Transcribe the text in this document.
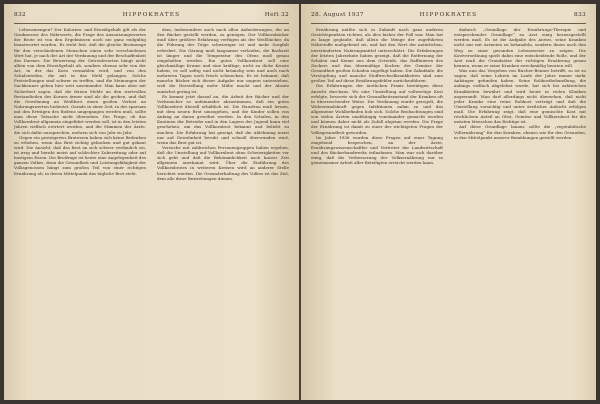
832	HIPPOKRATES	Heft 32

Lebensmengen? Der Kalorien- und Eiweißgehalt gilt als der Gradmesser des Nährwerts, die Frage des Ausnutzungswertes der Brote ist von den Ergebnissen noch nie ganz endgültig beantwortet worden. Es steht fest, daß die gleiche Brotmenge für den verschiedenen Menschen einen sehr verschiedenen Wert hat, je nach der Art der Verdauung und der Beschaffenheit des Darmes. Die Bewertung der Getreidesorten hängt nicht allein von dem Eiweißgehalt ab, sondern ebenso sehr von der Art, in der das Korn vermahlen wird, und von den Schalenteilen, die mit in das Mehl gelangen. Solche Feststellungen sind schwer zu treffen, und die Meinungen der Sachkenner gehen hier weit auseinander. Man kann aber mit Sicherheit sagen, daß die feinen Mehle an den wertvollen Bestandteilen des Kornes ärmer sind als die groben, und daß die Gewöhnung an Weißbrot einen großen Verlust an Nahrungswerten bedeutet. Gerade in einer Zeit, in der sparsam mit den Erträgen des Bodens umgegangen werden muß, sollte man diese Tatsache nicht übersehen. Die Frage, ob das Vollkornbrot allgemein eingeführt werden soll, ist in den letzten Jahren vielfach erörtert worden, und die Stimmen der Ärzte, die sich dafür aussprechen, mehren sich von Jahr zu Jahr.

Gegen ein gesteigertes Brotessen haben sich keine Bedenken zu erheben, wenn das Brot richtig gebacken und gut gekaut wird. Die Ansicht, daß das Brot an sich schwer verdaulich sei, ist irrig und beruht meist auf schlechter Zubereitung oder auf hastigem Essen. Die Brotfrage ist heute eine Angelegenheit des ganzen Volkes, denn die Gesundheit und Leistungsfähigkeit der Volksgenossen hängt zum großen Teil von einer richtigen Ernährung ab, in deren Mittelpunkt das tägliche Brot steht.

dem, insbesondere auch nach allen Anforderungen, die an den Bäcker gestellt werden, zu genügen. Der Vollkornbäcker muß über größere Erfahrung verfügen als der Weißbäcker, da die Führung der Teige schwieriger ist und mehr Sorgfalt erfordert. Die Gärung muß langsamer verlaufen, die Backzeit ist länger und die Temperatur des Ofens muß genau eingehalten werden. Ein gutes Vollkornbrot soll eine gleichmäßige Krume und eine kräftige, nicht zu dicke Kruste haben; es soll saftig und nicht krümelig sein und auch nach mehreren Tagen noch frisch schmecken. Es ist bekannt, daß manche Bäcker sich dieser Aufgabe nur ungern unterziehen, weil die Herstellung mehr Mühe macht und der Absatz zunächst gering ist.

Es kommt jetzt darauf an, die Arbeit der Bäcker und der Verbraucher so aufeinander abzustimmen, daß ein gutes Vollkornbrot überall erhältlich ist. Die Hausfrau muß lernen, mit dem neuen Brot umzugehen, und die Kinder sollen von Anfang an daran gewöhnt werden. In den Schulen, in den Kantinen der Betriebe und in den Lagern der Jugend kann viel geschehen, um das Vollkornbrot bekannt und beliebt zu machen. Die Erfahrung hat gezeigt, daß die Ablehnung meist nur auf Gewohnheit beruht und schnell überwunden wird, wenn das Brot gut ist.

Versuche mit zahlreichen Personengruppen haben ergeben, daß die Umstellung auf Vollkornbrot ohne Schwierigkeiten vor sich geht und daß die Bekömmlichkeit nach kurzer Zeit allgemein anerkannt wird. Über die Einführung des Vollkornbrotes in weiteren Kreisen wird an anderer Stelle berichtet werden. Die Gesunderhaltung des Volkes ist das Ziel, dem alle diese Bestrebungen dienen.

28. August 1937	HIPPOKRATES	833

Ernährung müßte sich in Zukunft nach ganz anderen Gesichtspunkten richten, als dies bisher der Fall war. Man hat zu lange geglaubt, daß allein die Menge der zugeführten Nährstoffe maßgebend sei, und hat den Wert der natürlichen, unveränderten Nahrungsmittel unterschätzt. Die Erfahrungen der letzten Jahrzehnte haben gezeigt, daß die Entfernung der Schalen und Keime aus dem Getreide, das Raffinieren des Zuckers und das übermäßige Kochen der Gemüse der Gesundheit großen Schaden zugefügt haben. Die Zahnfäule, die Verstopfung und manche Stoffwechselkrankheiten sind zum großen Teil auf diese Ernährungsfehler zurückzuführen.

Die Erfahrungen der ärztlichen Praxis bestätigen diese Ansicht durchaus. Wo eine Umstellung auf vollwertige Kost erfolgte, besserte sich der Gesundheitszustand der Kranken oft in überraschender Weise. Die Verdauung wurde geregelt, die Widerstandskraft gegen Infektionen nahm zu und das allgemeine Wohlbefinden hob sich. Solche Beobachtungen sind von vielen Ärzten unabhängig voneinander gemacht worden und können daher nicht als Zufall abgetan werden. Die Frage der Ernährung ist damit zu einer der wichtigsten Fragen der Volksgesundheit geworden.

Im Jahre 1936 wurden diese Fragen auf einer Tagung eingehend besprochen, an der Ärzte, Ernährungswissenschaftler und Vertreter der Landwirtschaft und des Bäckerhandwerks teilnahmen. Man war sich darüber einig, daß die Verbesserung der Volksernährung nur in gemeinsamer Arbeit aller Beteiligten erreicht werden kann.

dadurch „Grundlage der Ernährungs-Therapie und entsprechender Grundlage“ zu Arzt einig herausgestellt werden muß. Es ist die Aufgabe des Arztes, seine Kranken nicht nur mit Arzneien zu behandeln, sondern ihnen auch den Weg zu einer gesunden Lebensweise zu zeigen. Die Kostverordnung spielt dabei eine entscheidende Rolle, und der Arzt muß die Grundsätze der richtigen Ernährung genau kennen, wenn er seine Kranken zweckmäßig beraten will.

Was nun das Vorgehen von Bircher-Benner betrifft, so ist zu sagen, daß seine Lehren im Laufe der Jahre immer mehr Anhänger gefunden haben. Seine Rohkostbehandlung, die anfangs vielfach abgelehnt wurde, hat sich bei zahlreichen Krankheiten bewährt und wird heute in vielen Kliniken angewandt. Man darf allerdings nicht übersehen, daß nicht jeder Kranke eine reine Rohkost verträgt und daß die Umstellung vorsichtig und unter ärztlicher Aufsicht erfolgen muß. Die Erfahrung zeigt, daß eine gemischte Kost mit reichlichem Anteil an Obst, Gemüse und Vollkornbrot für die meisten Menschen das Richtige ist.

Auf diese Grundlage hinaus sollte die „vegetabilische Vollernährung“ für den Kranken, ebenso wie für den Gesunden, in den Mittelpunkt unserer Bemühungen gestellt werden.
